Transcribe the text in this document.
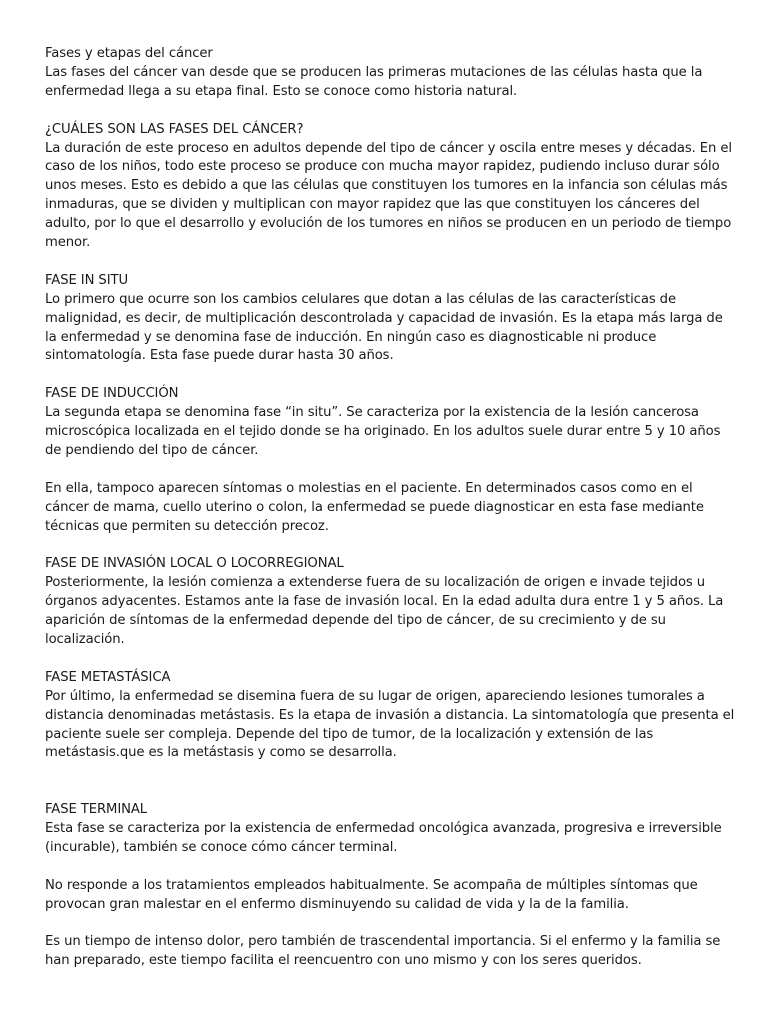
Fases y etapas del cáncer

Las fases del cáncer van desde que se producen las primeras mutaciones de las células hasta que la enfermedad llega a su etapa final. Esto se conoce como historia natural.

¿CUÁLES SON LAS FASES DEL CÁNCER?

La duración de este proceso en adultos depende del tipo de cáncer y oscila entre meses y décadas. En el caso de los niños, todo este proceso se produce con mucha mayor rapidez, pudiendo incluso durar sólo unos meses. Esto es debido a que las células que constituyen los tumores en la infancia son células más inmaduras, que se dividen y multiplican con mayor rapidez que las que constituyen los cánceres del adulto, por lo que el desarrollo y evolución de los tumores en niños se producen en un periodo de tiempo menor.

FASE IN SITU

Lo primero que ocurre son los cambios celulares que dotan a las células de las características de malignidad, es decir, de multiplicación descontrolada y capacidad de invasión. Es la etapa más larga de la enfermedad y se denomina fase de inducción. En ningún caso es diagnosticable ni produce sintomatología. Esta fase puede durar hasta 30 años.

FASE DE INDUCCIÓN

La segunda etapa se denomina fase “in situ”. Se caracteriza por la existencia de la lesión cancerosa microscópica localizada en el tejido donde se ha originado. En los adultos suele durar entre 5 y 10 años de pendiendo del tipo de cáncer.

En ella, tampoco aparecen síntomas o molestias en el paciente. En determinados casos como en el cáncer de mama, cuello uterino o colon, la enfermedad se puede diagnosticar en esta fase mediante técnicas que permiten su detección precoz.

FASE DE INVASIÓN LOCAL O LOCORREGIONAL

Posteriormente, la lesión comienza a extenderse fuera de su localización de origen e invade tejidos u órganos adyacentes. Estamos ante la fase de invasión local. En la edad adulta dura entre 1 y 5 años. La aparición de síntomas de la enfermedad depende del tipo de cáncer, de su crecimiento y de su localización.

FASE METASTÁSICA

Por último, la enfermedad se disemina fuera de su lugar de origen, apareciendo lesiones tumorales a distancia denominadas metástasis. Es la etapa de invasión a distancia. La sintomatología que presenta el paciente suele ser compleja. Depende del tipo de tumor, de la localización y extensión de las metástasis.que es la metástasis y como se desarrolla.

FASE TERMINAL

Esta fase se caracteriza por la existencia de enfermedad oncológica avanzada, progresiva e irreversible (incurable), también se conoce cómo cáncer terminal.

No responde a los tratamientos empleados habitualmente. Se acompaña de múltiples síntomas que provocan gran malestar en el enfermo disminuyendo su calidad de vida y la de la familia.

Es un tiempo de intenso dolor, pero también de trascendental importancia. Si el enfermo y la familia se han preparado, este tiempo facilita el reencuentro con uno mismo y con los seres queridos.
